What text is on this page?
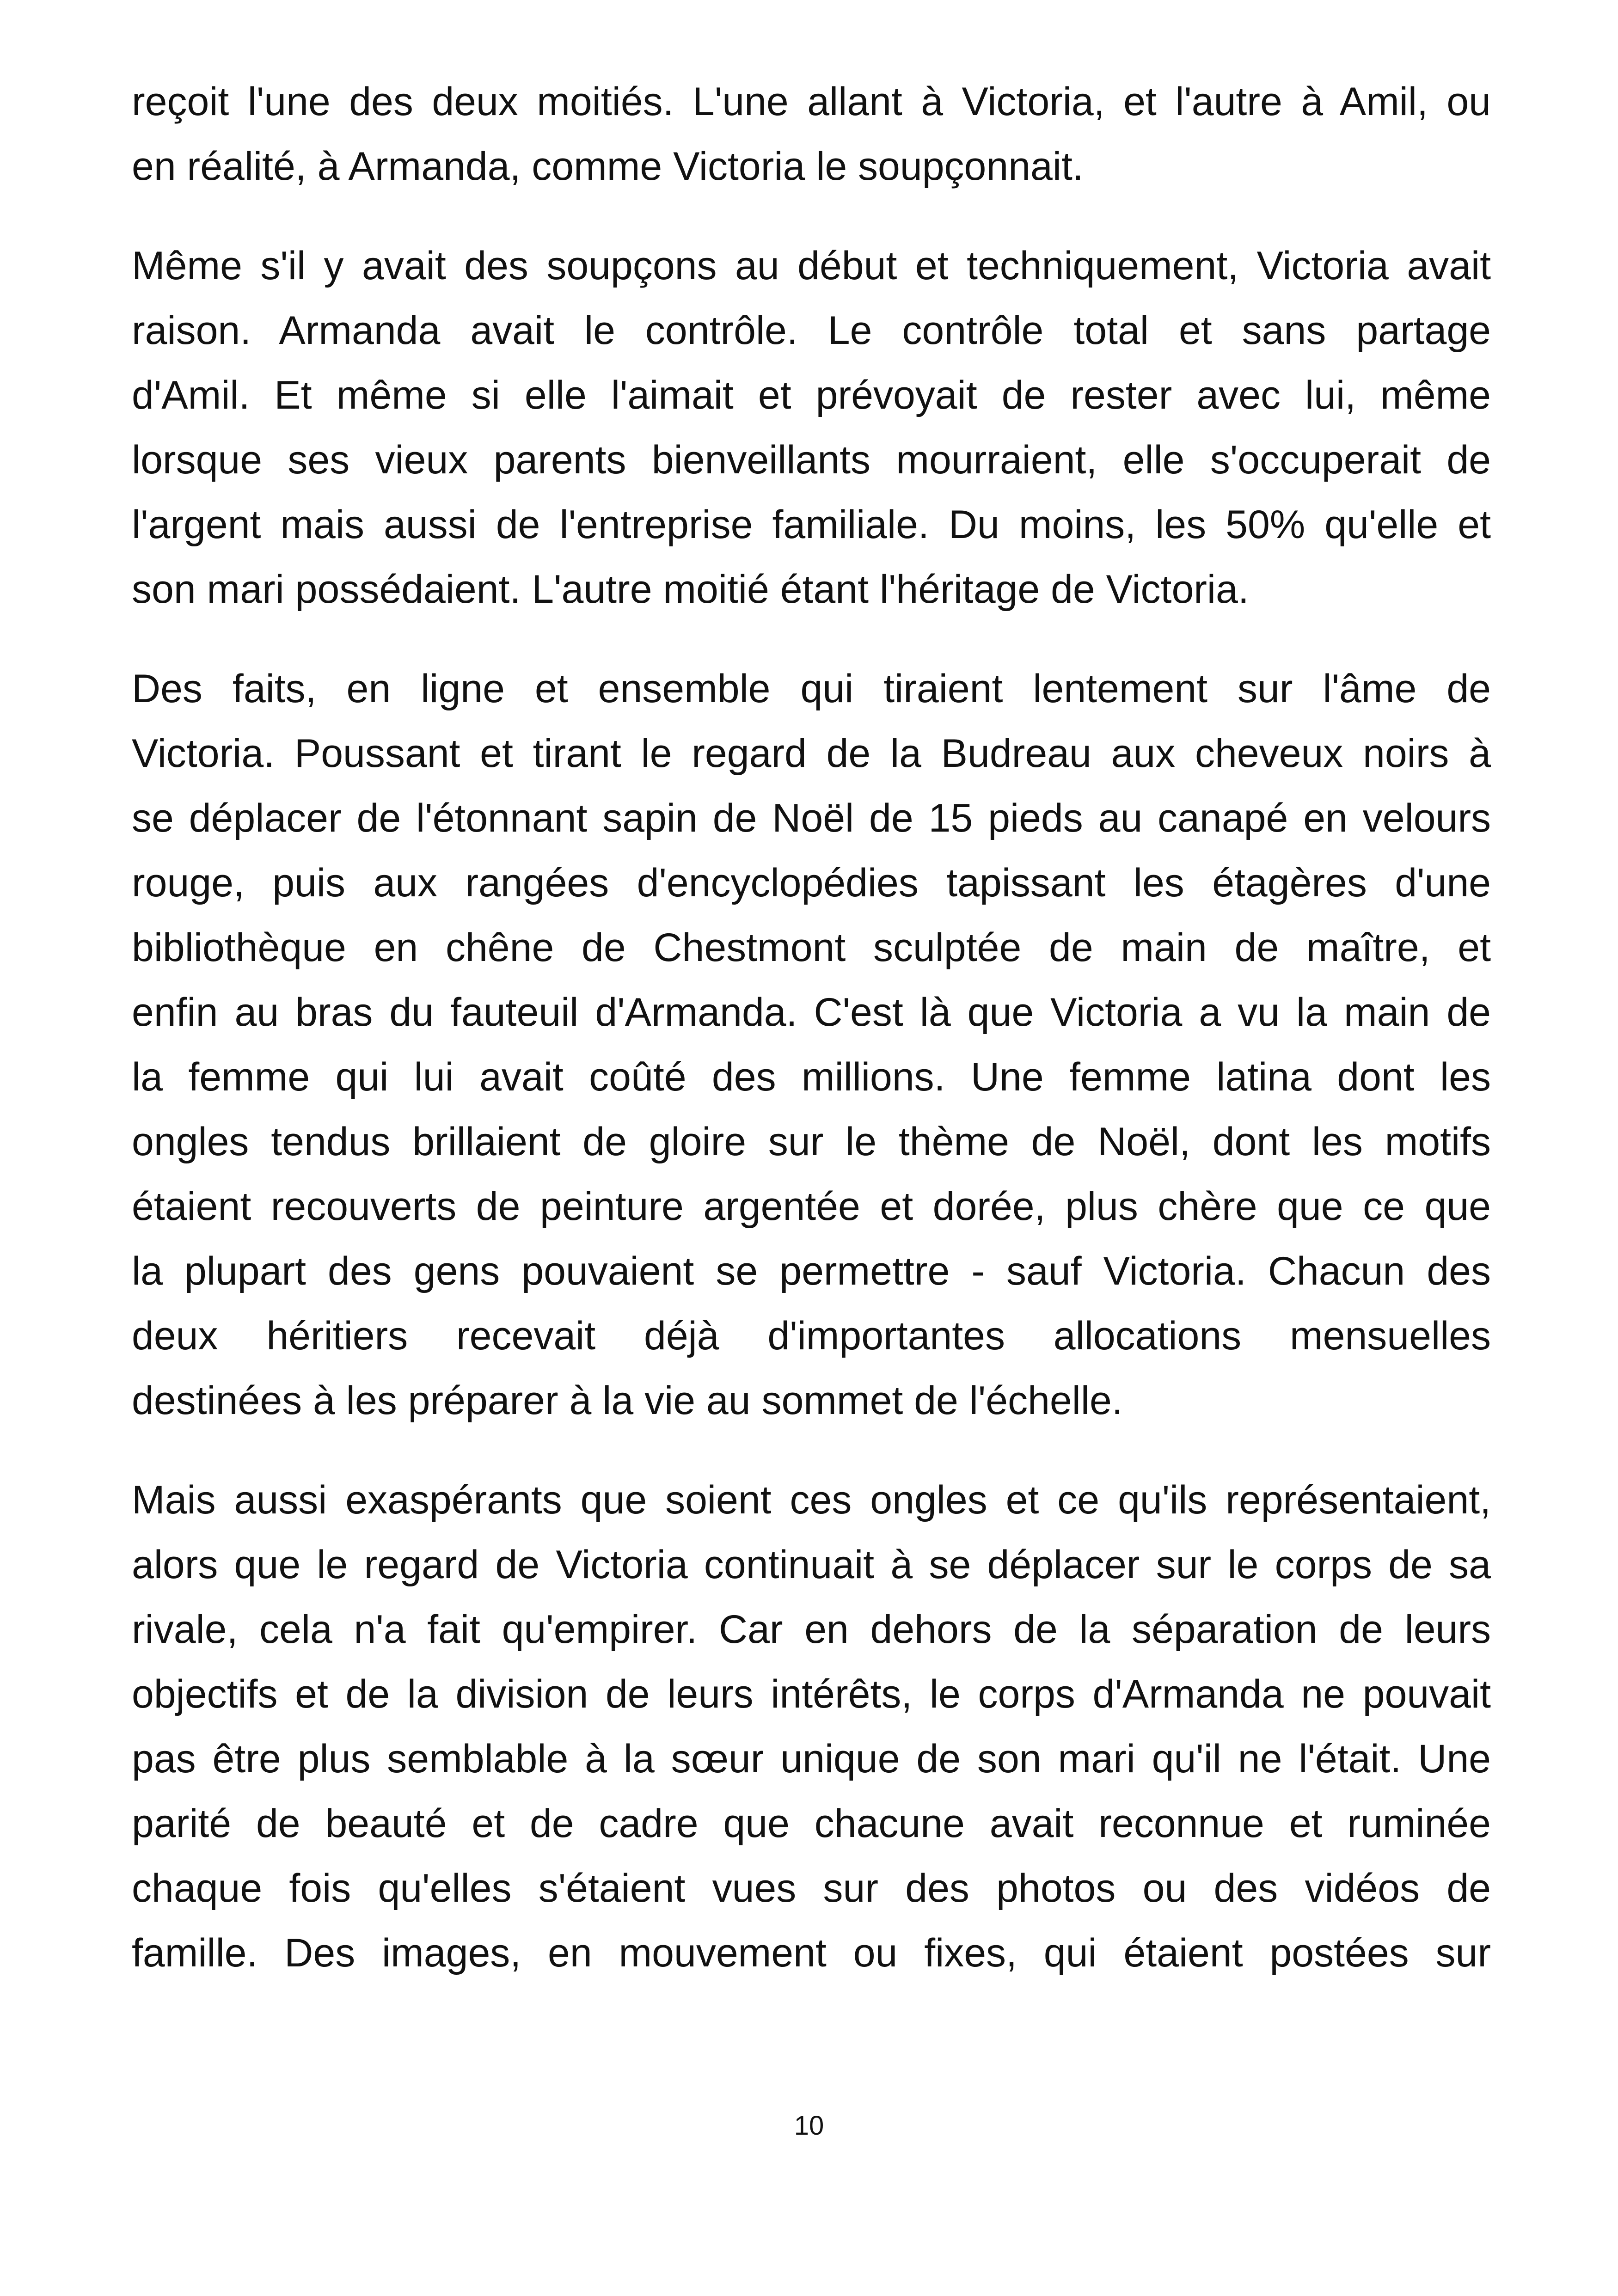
reçoit l'une des deux moitiés. L'une allant à Victoria, et l'autre à Amil, ou
en réalité, à Armanda, comme Victoria le soupçonnait.
Même s'il y avait des soupçons au début et techniquement, Victoria avait
raison. Armanda avait le contrôle. Le contrôle total et sans partage
d'Amil. Et même si elle l'aimait et prévoyait de rester avec lui, même
lorsque ses vieux parents bienveillants mourraient, elle s'occuperait de
l'argent mais aussi de l'entreprise familiale. Du moins, les 50% qu'elle et
son mari possédaient. L'autre moitié étant l'héritage de Victoria.
Des faits, en ligne et ensemble qui tiraient lentement sur l'âme de
Victoria. Poussant et tirant le regard de la Budreau aux cheveux noirs à
se déplacer de l'étonnant sapin de Noël de 15 pieds au canapé en velours
rouge, puis aux rangées d'encyclopédies tapissant les étagères d'une
bibliothèque en chêne de Chestmont sculptée de main de maître, et
enfin au bras du fauteuil d'Armanda. C'est là que Victoria a vu la main de
la femme qui lui avait coûté des millions. Une femme latina dont les
ongles tendus brillaient de gloire sur le thème de Noël, dont les motifs
étaient recouverts de peinture argentée et dorée, plus chère que ce que
la plupart des gens pouvaient se permettre - sauf Victoria. Chacun des
deux héritiers recevait déjà d'importantes allocations mensuelles
destinées à les préparer à la vie au sommet de l'échelle.
Mais aussi exaspérants que soient ces ongles et ce qu'ils représentaient,
alors que le regard de Victoria continuait à se déplacer sur le corps de sa
rivale, cela n'a fait qu'empirer. Car en dehors de la séparation de leurs
objectifs et de la division de leurs intérêts, le corps d'Armanda ne pouvait
pas être plus semblable à la sœur unique de son mari qu'il ne l'était. Une
parité de beauté et de cadre que chacune avait reconnue et ruminée
chaque fois qu'elles s'étaient vues sur des photos ou des vidéos de
famille. Des images, en mouvement ou fixes, qui étaient postées sur
10
